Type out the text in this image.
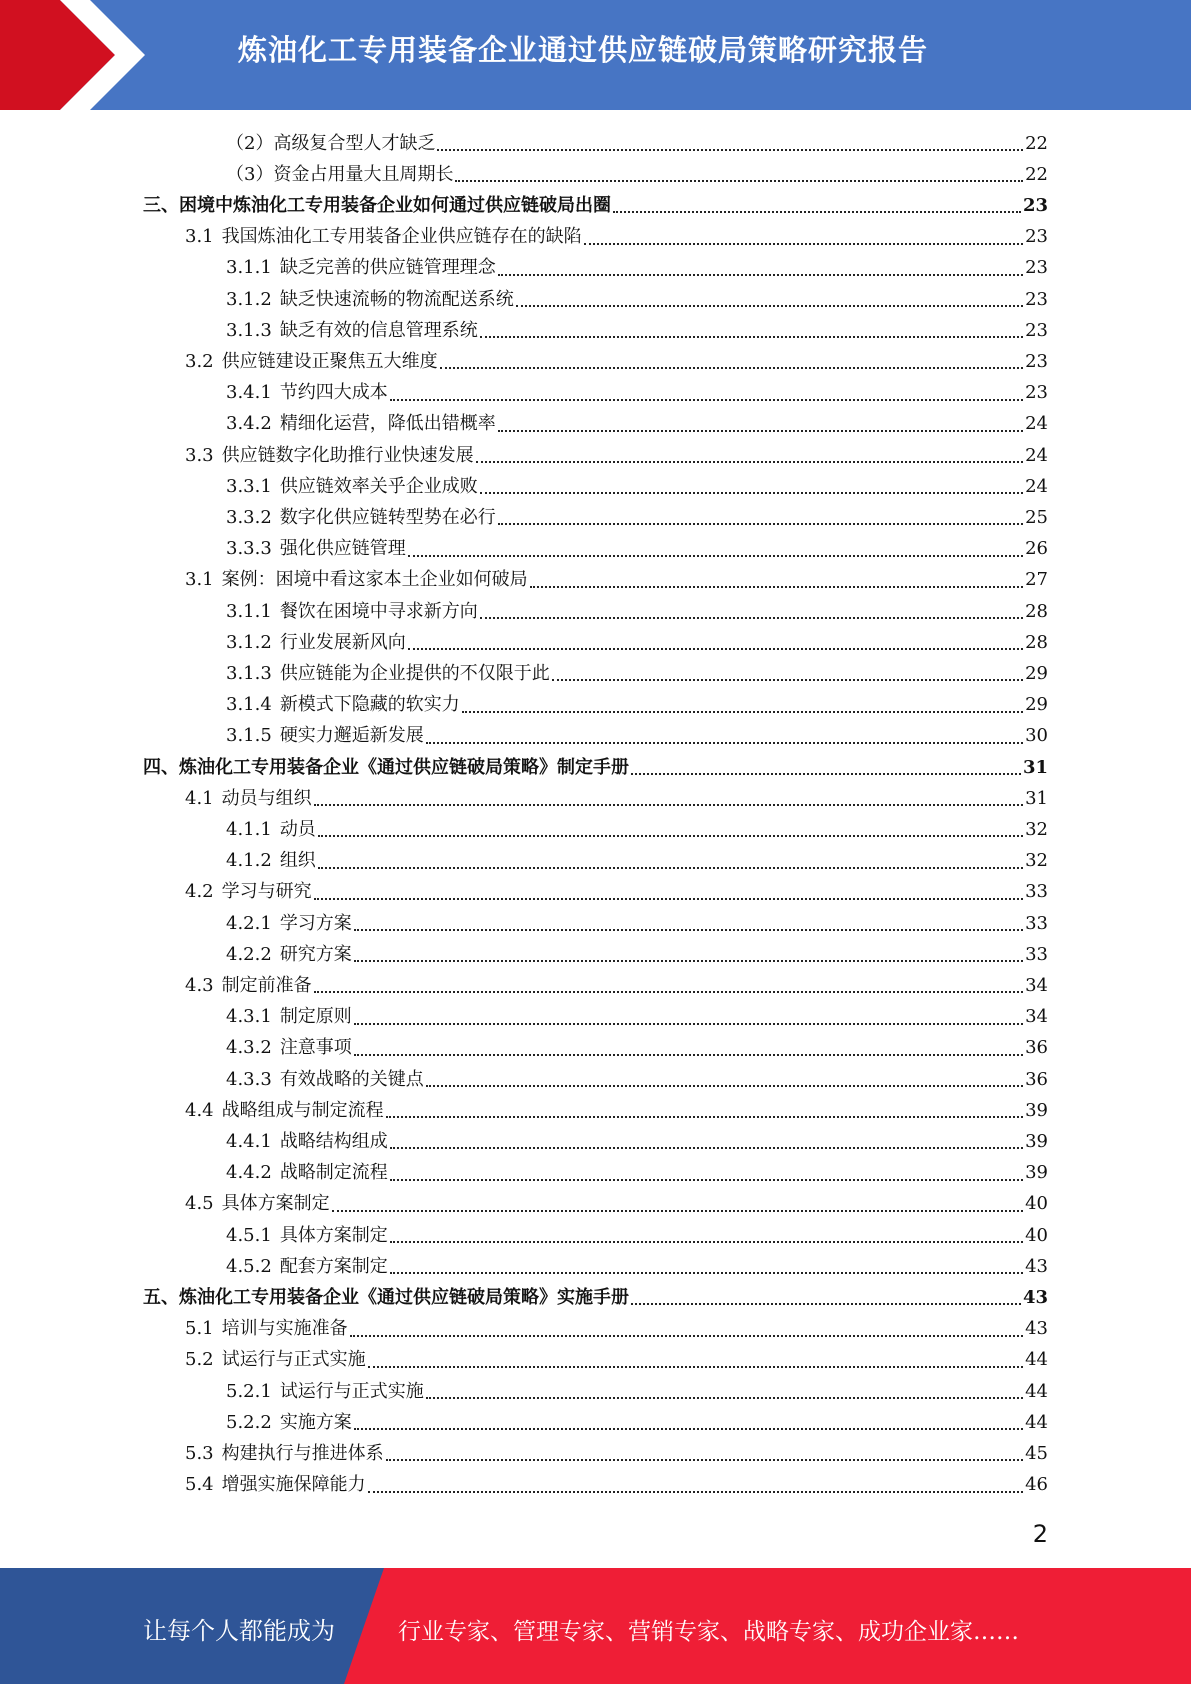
炼油化工专用装备企业通过供应链破局策略研究报告
（2）高级复合型人才缺乏	22
（3）资金占用量大且周期长	22
三、困境中炼油化工专用装备企业如何通过供应链破局出圈	23
3.1 我国炼油化工专用装备企业供应链存在的缺陷	23
3.1.1 缺乏完善的供应链管理理念	23
3.1.2 缺乏快速流畅的物流配送系统	23
3.1.3 缺乏有效的信息管理系统	23
3.2 供应链建设正聚焦五大维度	23
3.4.1 节约四大成本	23
3.4.2 精细化运营，降低出错概率	24
3.3 供应链数字化助推行业快速发展	24
3.3.1 供应链效率关乎企业成败	24
3.3.2 数字化供应链转型势在必行	25
3.3.3 强化供应链管理	26
3.1 案例：困境中看这家本土企业如何破局	27
3.1.1 餐饮在困境中寻求新方向	28
3.1.2 行业发展新风向	28
3.1.3 供应链能为企业提供的不仅限于此	29
3.1.4 新模式下隐藏的软实力	29
3.1.5 硬实力邂逅新发展	30
四、炼油化工专用装备企业《通过供应链破局策略》制定手册	31
4.1 动员与组织	31
4.1.1 动员	32
4.1.2 组织	32
4.2 学习与研究	33
4.2.1 学习方案	33
4.2.2 研究方案	33
4.3 制定前准备	34
4.3.1 制定原则	34
4.3.2 注意事项	36
4.3.3 有效战略的关键点	36
4.4 战略组成与制定流程	39
4.4.1 战略结构组成	39
4.4.2 战略制定流程	39
4.5 具体方案制定	40
4.5.1 具体方案制定	40
4.5.2 配套方案制定	43
五、炼油化工专用装备企业《通过供应链破局策略》实施手册	43
5.1 培训与实施准备	43
5.2 试运行与正式实施	44
5.2.1 试运行与正式实施	44
5.2.2 实施方案	44
5.3 构建执行与推进体系	45
5.4 增强实施保障能力	46
2
让每个人都能成为	行业专家、管理专家、营销专家、战略专家、成功企业家……
